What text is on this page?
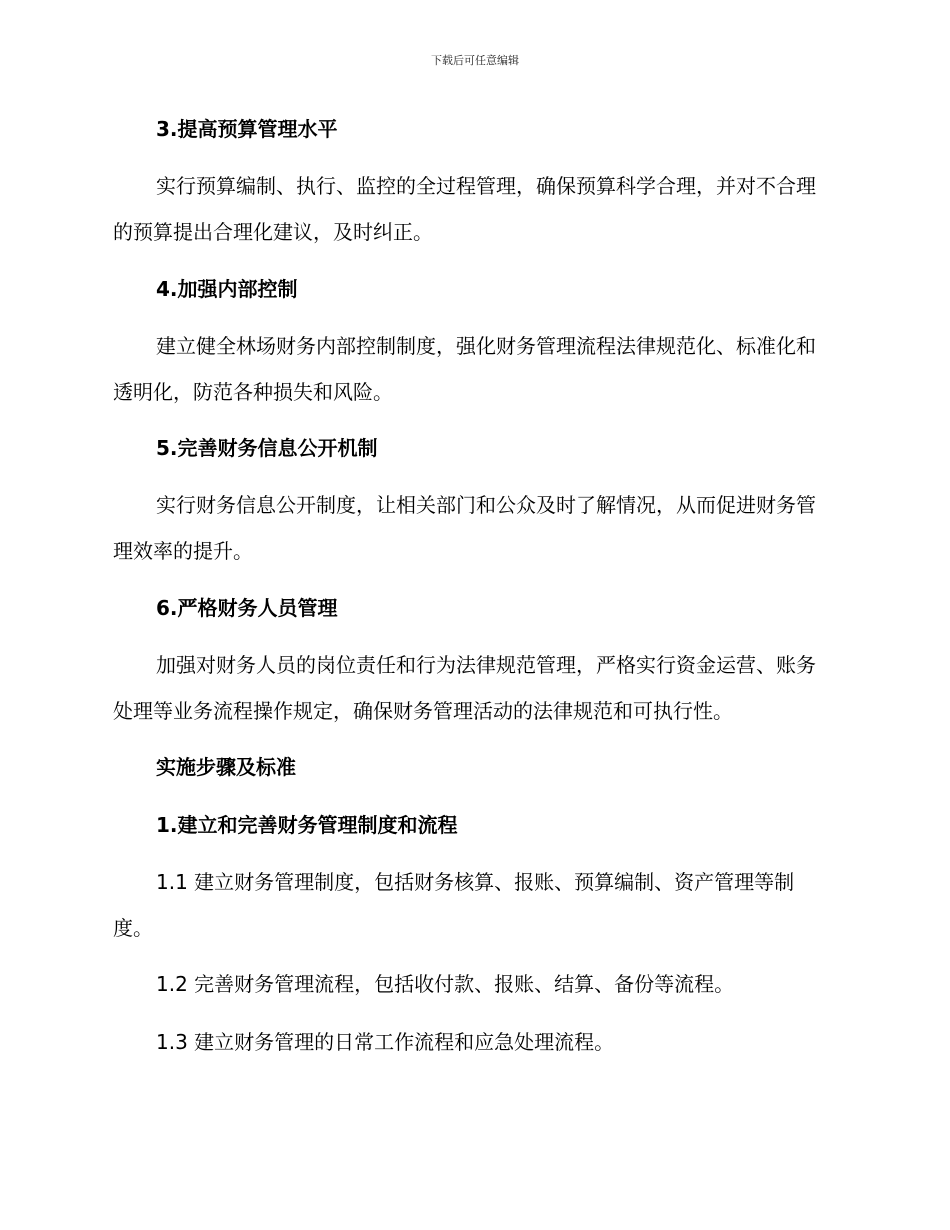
下载后可任意编辑
3.提高预算管理水平

实行预算编制、执行、监控的全过程管理，确保预算科学合理，并对不合理的预算提出合理化建议，及时纠正。

4.加强内部控制

建立健全林场财务内部控制制度，强化财务管理流程法律规范化、标准化和透明化，防范各种损失和风险。

5.完善财务信息公开机制

实行财务信息公开制度，让相关部门和公众及时了解情况，从而促进财务管理效率的提升。

6.严格财务人员管理

加强对财务人员的岗位责任和行为法律规范管理，严格实行资金运营、账务处理等业务流程操作规定，确保财务管理活动的法律规范和可执行性。

实施步骤及标准
1.建立和完善财务管理制度和流程

1.1 建立财务管理制度，包括财务核算、报账、预算编制、资产管理等制度。

1.2 完善财务管理流程，包括收付款、报账、结算、备份等流程。

1.3 建立财务管理的日常工作流程和应急处理流程。
